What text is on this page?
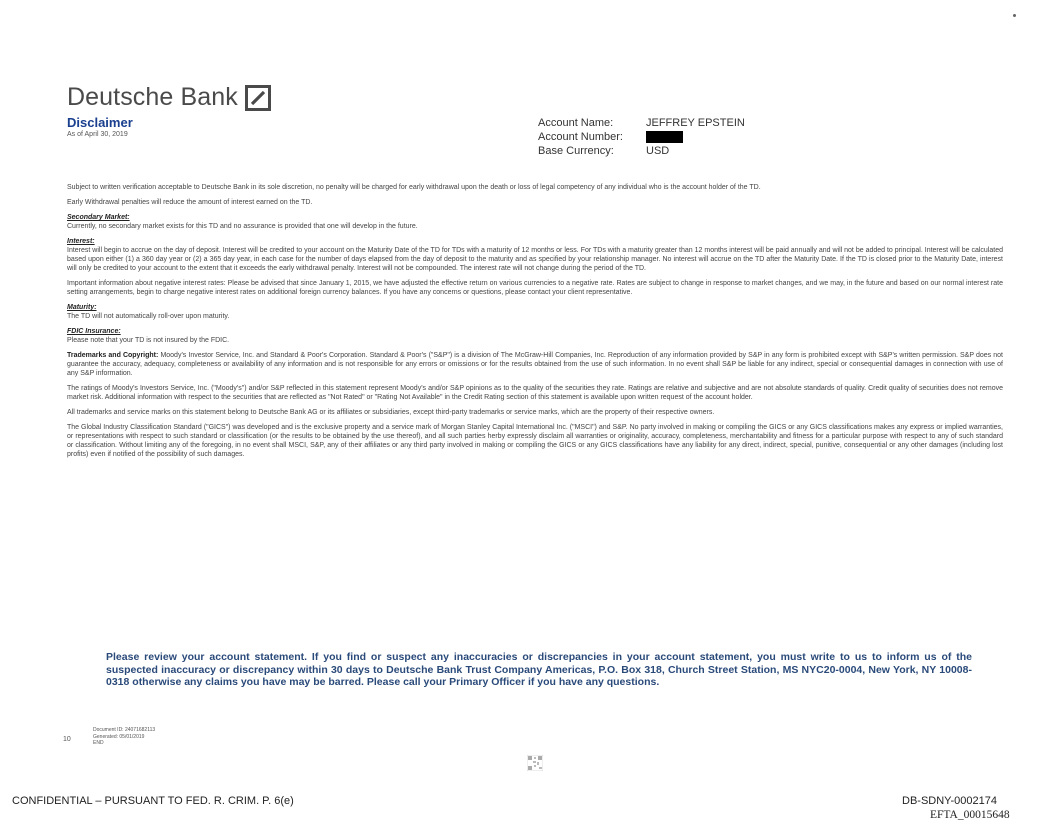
Deutsche Bank
Disclaimer
As of April 30, 2019
Account Name:	JEFFREY EPSTEIN
Account Number:
Base Currency:	USD

Subject to written verification acceptable to Deutsche Bank in its sole discretion, no penalty will be charged for early withdrawal upon the death or loss of legal competency of any individual who is the account holder of the TD.

Early Withdrawal penalties will reduce the amount of interest earned on the TD.

Secondary Market:
Currently, no secondary market exists for this TD and no assurance is provided that one will develop in the future.

Interest:
Interest will begin to accrue on the day of deposit. Interest will be credited to your account on the Maturity Date of the TD for TDs with a maturity of 12 months or less. For TDs with a maturity greater than 12 months interest will be paid annually and will not be added to principal. Interest will be calculated based upon either (1) a 360 day year or (2) a 365 day year, in each case for the number of days elapsed from the day of deposit to the maturity and as specified by your relationship manager. No interest will accrue on the TD after the Maturity Date. If the TD is closed prior to the Maturity Date, interest will only be credited to your account to the extent that it exceeds the early withdrawal penalty. Interest will not be compounded. The interest rate will not change during the period of the TD.

Important information about negative interest rates: Please be advised that since January 1, 2015, we have adjusted the effective return on various currencies to a negative rate. Rates are subject to change in response to market changes, and we may, in the future and based on our normal interest rate setting arrangements, begin to charge negative interest rates on additional foreign currency balances. If you have any concerns or questions, please contact your client representative.

Maturity:
The TD will not automatically roll-over upon maturity.

FDIC Insurance:
Please note that your TD is not insured by the FDIC.

Trademarks and Copyright: Moody's Investor Service, Inc. and Standard & Poor's Corporation. Standard & Poor's ("S&P") is a division of The McGraw-Hill Companies, Inc. Reproduction of any information provided by S&P in any form is prohibited except with S&P's written permission. S&P does not guarantee the accuracy, adequacy, completeness or availability of any information and is not responsible for any errors or omissions or for the results obtained from the use of such information. In no event shall S&P be liable for any indirect, special or consequential damages in connection with use of any S&P information.

The ratings of Moody's Investors Service, Inc. ("Moody's") and/or S&P reflected in this statement represent Moody's and/or S&P opinions as to the quality of the securities they rate. Ratings are relative and subjective and are not absolute standards of quality. Credit quality of securities does not remove market risk. Additional information with respect to the securities that are reflected as "Not Rated" or "Rating Not Available" in the Credit Rating section of this statement is available upon written request of the account holder.

All trademarks and service marks on this statement belong to Deutsche Bank AG or its affiliates or subsidiaries, except third-party trademarks or service marks, which are the property of their respective owners.

The Global Industry Classification Standard ("GICS") was developed and is the exclusive property and a service mark of Morgan Stanley Capital International Inc. ("MSCI") and S&P. No party involved in making or compiling the GICS or any GICS classifications makes any express or implied warranties, or representations with respect to such standard or classification (or the results to be obtained by the use thereof), and all such parties herby expressly disclaim all warranties or originality, accuracy, completeness, merchantability and fitness for a particular purpose with respect to any of such standard or classification. Without limiting any of the foregoing, in no event shall MSCI, S&P, any of their affiliates or any third party involved in making or compiling the GICS or any GICS classifications have any liability for any direct, indirect, special, punitive, consequential or any other damages (including lost profits) even if notified of the possibility of such damages.

Please review your account statement. If you find or suspect any inaccuracies or discrepancies in your account statement, you must write to us to inform us of the suspected inaccuracy or discrepancy within 30 days to Deutsche Bank Trust Company Americas, P.O. Box 318, Church Street Station, MS NYC20-0004, New York, NY 10008-0318 otherwise any claims you have may be barred. Please call your Primary Officer if you have any questions.
10
Document ID: 24071682113
Generated: 05/01/2019
END
CONFIDENTIAL – PURSUANT TO FED. R. CRIM. P. 6(e)	DB-SDNY-0002174
EFTA_00015648
